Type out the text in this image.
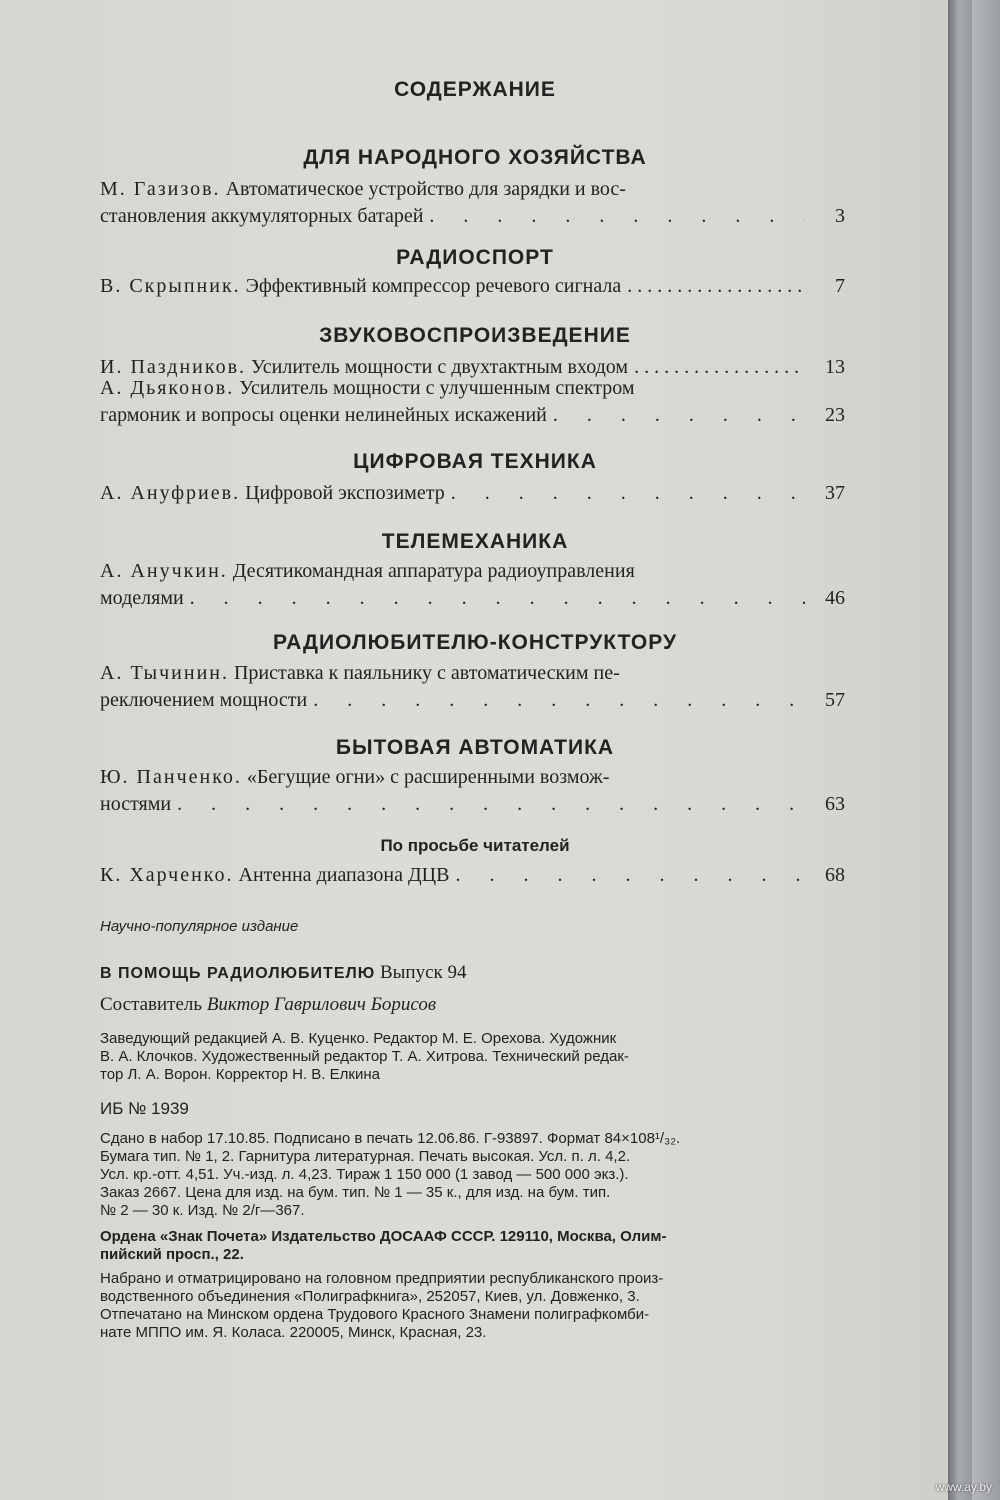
СОДЕРЖАНИЕ
ДЛЯ НАРОДНОГО ХОЗЯЙСТВА
М. Газизов. Автоматическое устройство для зарядки и вос-
становления аккумуляторных батарей . . .	3
РАДИОСПОРТ
В. Скрыпник. Эффективный компрессор речевого сигнала . . .	7
ЗВУКОВОСПРОИЗВЕДЕНИЕ
И. Паздников. Усилитель мощности с двухтактным входом . . .	13
А. Дьяконов. Усилитель мощности с улучшенным спектром
гармоник и вопросы оценки нелинейных искажений . . .	23
ЦИФРОВАЯ ТЕХНИКА
А. Ануфриев. Цифровой экспозиметр . . .	37
ТЕЛЕМЕХАНИКА
А. Анучкин. Десятикомандная аппаратура радиоуправления
моделями . . .	46
РАДИОЛЮБИТЕЛЮ-КОНСТРУКТОРУ
А. Тычинин. Приставка к паяльнику с автоматическим пе-
реключением мощности . . .	57
БЫТОВАЯ АВТОМАТИКА
Ю. Панченко. «Бегущие огни» с расширенными возмож-
ностями . . .	63
По просьбе читателей
К. Харченко. Антенна диапазона ДЦВ . . .	68
Научно-популярное издание
В ПОМОЩЬ РАДИОЛЮБИТЕЛЮ Выпуск 94
Составитель Виктор Гаврилович Борисов
Заведующий редакцией А. В. Куценко. Редактор М. Е. Орехова. Художник
В. А. Клочков. Художественный редактор Т. А. Хитрова. Технический редак-
тор Л. А. Ворон. Корректор Н. В. Елкина
ИБ № 1939
Сдано в набор 17.10.85. Подписано в печать 12.06.86. Г-93897. Формат 84×108¹/₃₂.
Бумага тип. № 1, 2. Гарнитура литературная. Печать высокая. Усл. п. л. 4,2.
Усл. кр.-отт. 4,51. Уч.-изд. л. 4,23. Тираж 1 150 000 (1 завод — 500 000 экз.).
Заказ 2667. Цена для изд. на бум. тип. № 1 — 35 к., для изд. на бум. тип.
№ 2 — 30 к. Изд. № 2/г—367.
Ордена «Знак Почета» Издательство ДОСААФ СССР. 129110, Москва, Олим-
пийский просп., 22.
Набрано и отматрицировано на головном предприятии республиканского произ-
водственного объединения «Полиграфкнига», 252057, Киев, ул. Довженко, 3.
Отпечатано на Минском ордена Трудового Красного Знамени полиграфкомби-
нате МППО им. Я. Коласа. 220005, Минск, Красная, 23.
www.ay.by
